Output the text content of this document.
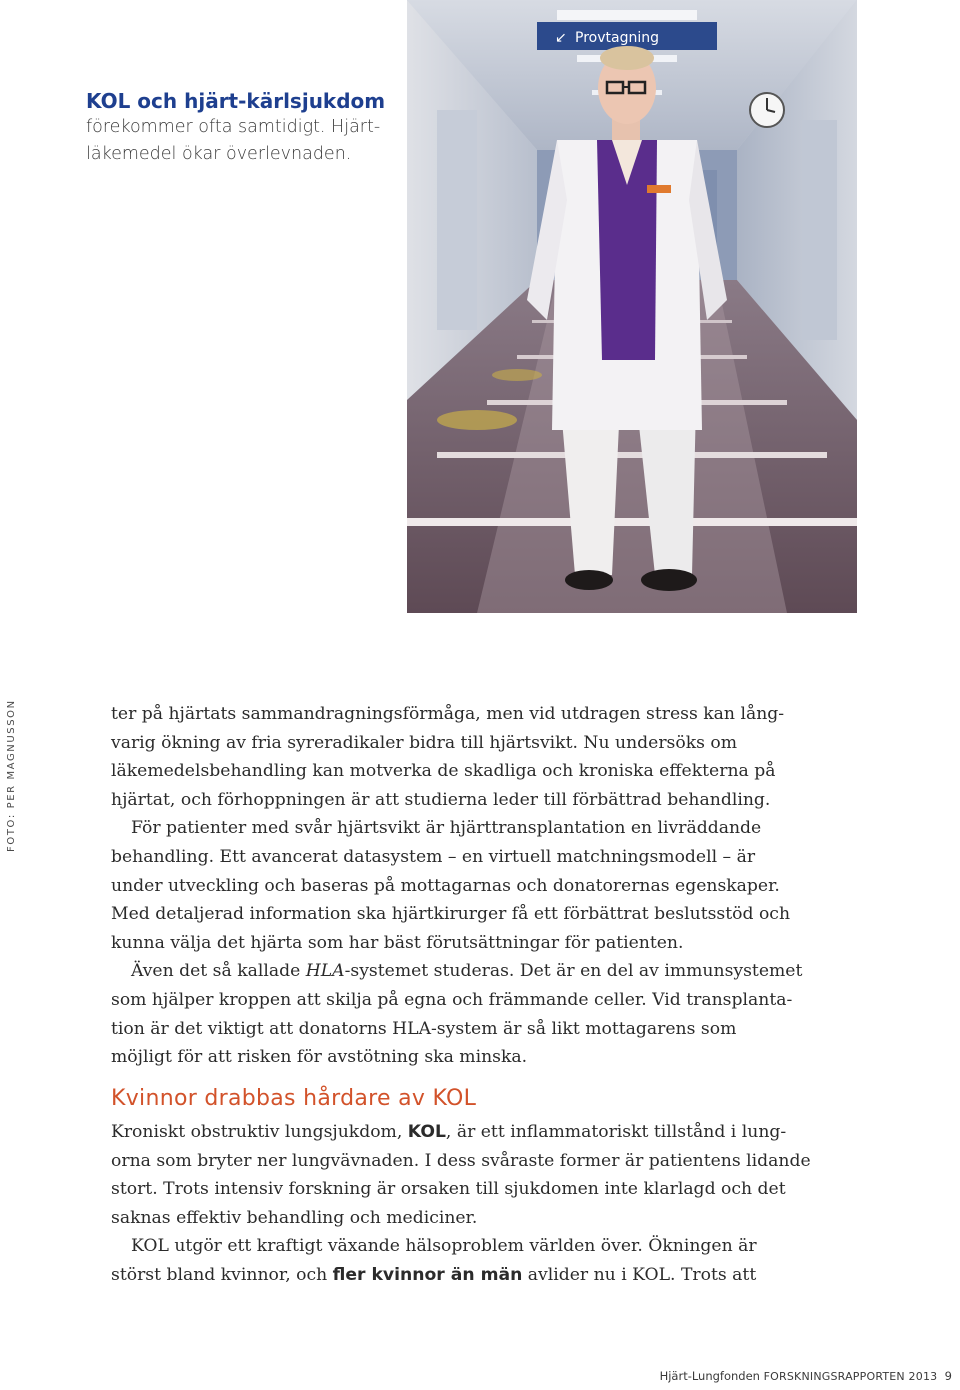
KOL och hjärt-kärlsjukdom
förekommer ofta samtidigt. Hjärt-
läkemedel ökar överlevnaden.
↙ Provtagning
FOTO: PER MAGNUSSON	ter på hjärtats sammandragningsförmåga, men vid utdragen stress kan lång-
varig ökning av fria syreradikaler bidra till hjärtsvikt. Nu undersöks om
läkemedelsbehandling kan motverka de skadliga och kroniska effekterna på
hjärtat, och förhoppningen är att studierna leder till förbättrad behandling.

För patienter med svår hjärtsvikt är hjärttransplantation en livräddande
behandling. Ett avancerat datasystem – en virtuell matchningsmodell – är
under utveckling och baseras på mottagarnas och donatorernas egenskaper.
Med detaljerad information ska hjärtkirurger få ett förbättrat beslutsstöd och
kunna välja det hjärta som har bäst förutsättningar för patienten.

Även det så kallade HLA-systemet studeras. Det är en del av immunsystemet
som hjälper kroppen att skilja på egna och främmande celler. Vid transplanta-
tion är det viktigt att donatorns HLA-system är så likt mottagarens som
möjligt för att risken för avstötning ska minska.

Kvinnor drabbas hårdare av KOL

Kroniskt obstruktiv lungsjukdom, KOL, är ett inflammatoriskt tillstånd i lung-
orna som bryter ner lungvävnaden. I dess svåraste former är patientens lidande
stort. Trots intensiv forskning är orsaken till sjukdomen inte klarlagd och det
saknas effektiv behandling och mediciner.

KOL utgör ett kraftigt växande hälsoproblem världen över. Ökningen är
störst bland kvinnor, och fler kvinnor än män avlider nu i KOL. Trots att

Hjärt-Lungfonden FORSKNINGSRAPPORTEN 2013 9
